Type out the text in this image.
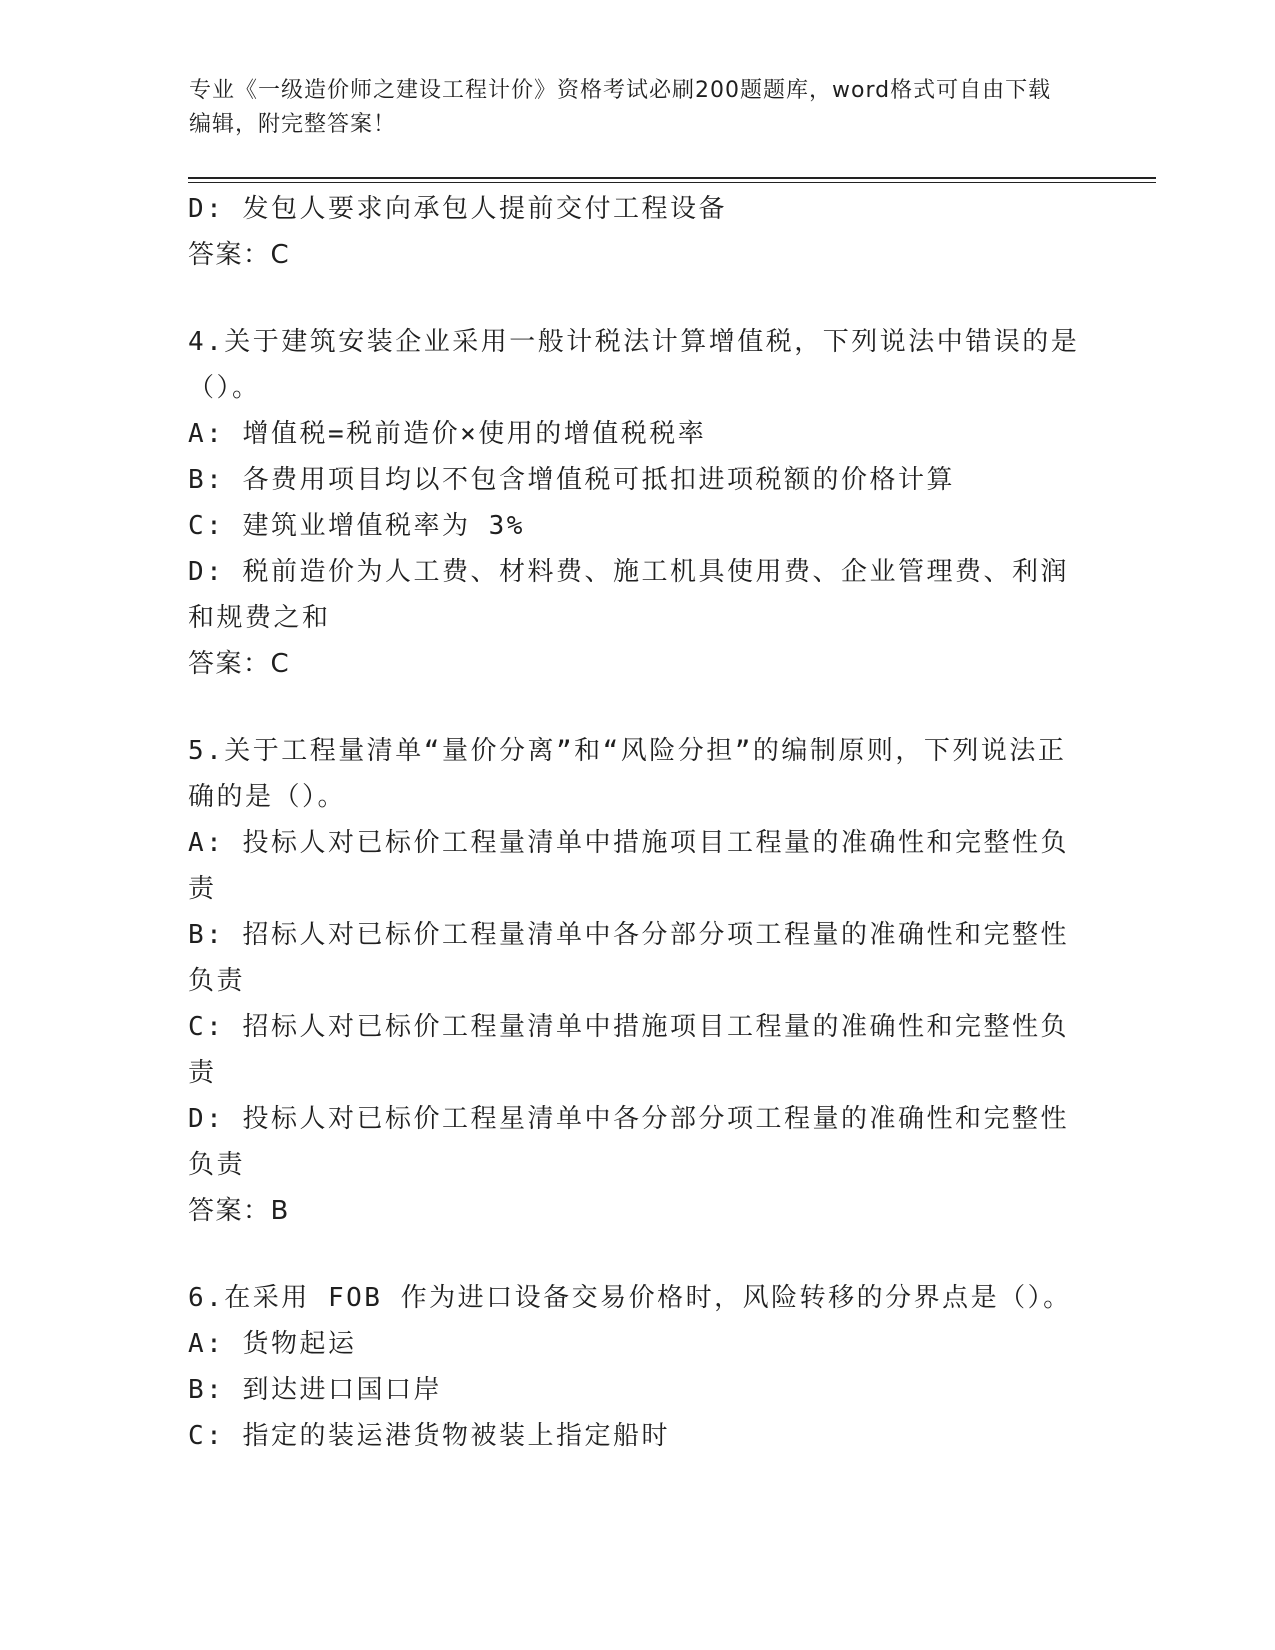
专业《一级造价师之建设工程计价》资格考试必刷200题题库，word格式可自由下载编辑，附完整答案！
D: 发包人要求向承包人提前交付工程设备
答案：C
4.关于建筑安装企业采用一般计税法计算增值税，下列说法中错误的是（）。
A: 增值税=税前造价×使用的增值税税率
B: 各费用项目均以不包含增值税可抵扣进项税额的价格计算
C: 建筑业增值税率为 3%
D: 税前造价为人工费、材料费、施工机具使用费、企业管理费、利润和规费之和
答案：C
5.关于工程量清单“量价分离”和“风险分担”的编制原则，下列说法正确的是（）。
A: 投标人对已标价工程量清单中措施项目工程量的准确性和完整性负责
B: 招标人对已标价工程量清单中各分部分项工程量的准确性和完整性负责
C: 招标人对已标价工程量清单中措施项目工程量的准确性和完整性负责
D: 投标人对已标价工程星清单中各分部分项工程量的准确性和完整性负责
答案：B
6.在采用 FOB 作为进口设备交易价格时，风险转移的分界点是（）。
A: 货物起运
B: 到达进口国口岸
C: 指定的装运港货物被装上指定船时
